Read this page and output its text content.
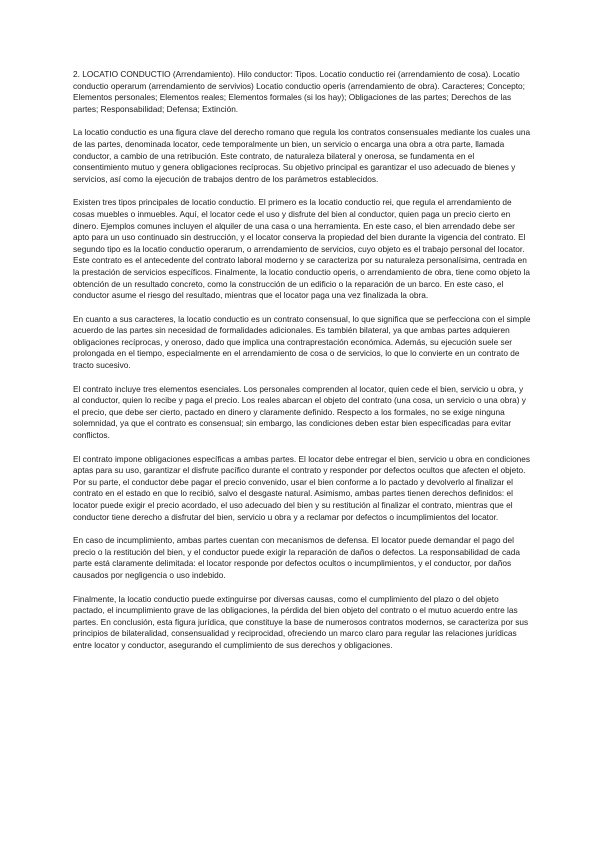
2. LOCATIO CONDUCTIO (Arrendamiento). Hilo conductor: Tipos. Locatio conductio rei (arrendamiento de cosa). Locatio conductio operarum (arrendamiento de servivios) Locatio conductio operis (arrendamiento de obra). Caracteres; Concepto; Elementos personales; Elementos reales; Elementos formales (si los hay); Obligaciones de las partes; Derechos de las partes; Responsabilidad; Defensa; Extinción.

La locatio conductio es una figura clave del derecho romano que regula los contratos consensuales mediante los cuales una de las partes, denominada locator, cede temporalmente un bien, un servicio o encarga una obra a otra parte, llamada conductor, a cambio de una retribución. Este contrato, de naturaleza bilateral y onerosa, se fundamenta en el consentimiento mutuo y genera obligaciones recíprocas. Su objetivo principal es garantizar el uso adecuado de bienes y servicios, así como la ejecución de trabajos dentro de los parámetros establecidos.

Existen tres tipos principales de locatio conductio. El primero es la locatio conductio rei, que regula el arrendamiento de cosas muebles o inmuebles. Aquí, el locator cede el uso y disfrute del bien al conductor, quien paga un precio cierto en dinero. Ejemplos comunes incluyen el alquiler de una casa o una herramienta. En este caso, el bien arrendado debe ser apto para un uso continuado sin destrucción, y el locator conserva la propiedad del bien durante la vigencia del contrato. El segundo tipo es la locatio conductio operarum, o arrendamiento de servicios, cuyo objeto es el trabajo personal del locator. Este contrato es el antecedente del contrato laboral moderno y se caracteriza por su naturaleza personalísima, centrada en la prestación de servicios específicos. Finalmente, la locatio conductio operis, o arrendamiento de obra, tiene como objeto la obtención de un resultado concreto, como la construcción de un edificio o la reparación de un barco. En este caso, el conductor asume el riesgo del resultado, mientras que el locator paga una vez finalizada la obra.

En cuanto a sus caracteres, la locatio conductio es un contrato consensual, lo que significa que se perfecciona con el simple acuerdo de las partes sin necesidad de formalidades adicionales. Es también bilateral, ya que ambas partes adquieren obligaciones recíprocas, y oneroso, dado que implica una contraprestación económica. Además, su ejecución suele ser prolongada en el tiempo, especialmente en el arrendamiento de cosa o de servicios, lo que lo convierte en un contrato de tracto sucesivo.

El contrato incluye tres elementos esenciales. Los personales comprenden al locator, quien cede el bien, servicio u obra, y al conductor, quien lo recibe y paga el precio. Los reales abarcan el objeto del contrato (una cosa, un servicio o una obra) y el precio, que debe ser cierto, pactado en dinero y claramente definido. Respecto a los formales, no se exige ninguna solemnidad, ya que el contrato es consensual; sin embargo, las condiciones deben estar bien especificadas para evitar conflictos.

El contrato impone obligaciones específicas a ambas partes. El locator debe entregar el bien, servicio u obra en condiciones aptas para su uso, garantizar el disfrute pacífico durante el contrato y responder por defectos ocultos que afecten el objeto. Por su parte, el conductor debe pagar el precio convenido, usar el bien conforme a lo pactado y devolverlo al finalizar el contrato en el estado en que lo recibió, salvo el desgaste natural. Asimismo, ambas partes tienen derechos definidos: el locator puede exigir el precio acordado, el uso adecuado del bien y su restitución al finalizar el contrato, mientras que el conductor tiene derecho a disfrutar del bien, servicio u obra y a reclamar por defectos o incumplimientos del locator.

En caso de incumplimiento, ambas partes cuentan con mecanismos de defensa. El locator puede demandar el pago del precio o la restitución del bien, y el conductor puede exigir la reparación de daños o defectos. La responsabilidad de cada parte está claramente delimitada: el locator responde por defectos ocultos o incumplimientos, y el conductor, por daños causados por negligencia o uso indebido.

Finalmente, la locatio conductio puede extinguirse por diversas causas, como el cumplimiento del plazo o del objeto pactado, el incumplimiento grave de las obligaciones, la pérdida del bien objeto del contrato o el mutuo acuerdo entre las partes. En conclusión, esta figura jurídica, que constituye la base de numerosos contratos modernos, se caracteriza por sus principios de bilateralidad, consensualidad y reciprocidad, ofreciendo un marco claro para regular las relaciones jurídicas entre locator y conductor, asegurando el cumplimiento de sus derechos y obligaciones.
